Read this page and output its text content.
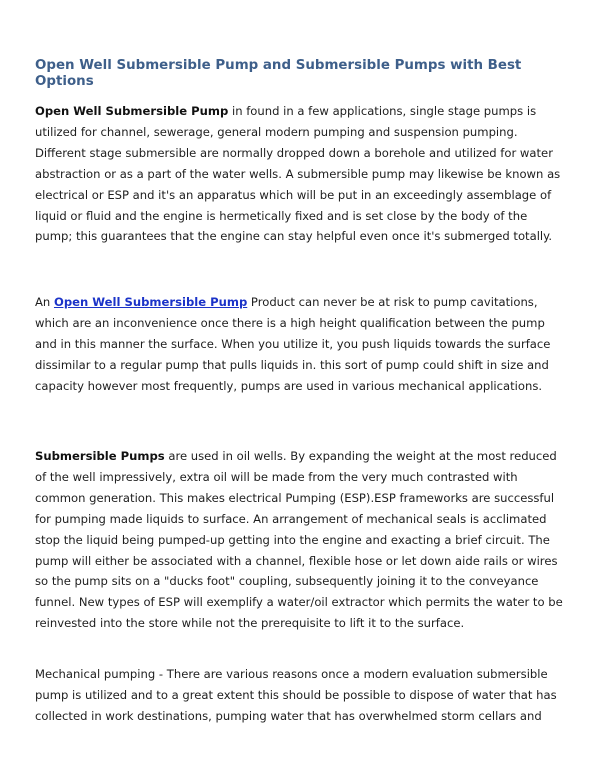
Open Well Submersible Pump and Submersible Pumps with Best Options

Open Well Submersible Pump in found in a few applications, single stage pumps is utilized for channel, sewerage, general modern pumping and suspension pumping. Different stage submersible are normally dropped down a borehole and utilized for water abstraction or as a part of the water wells. A submersible pump may likewise be known as electrical or ESP and it's an apparatus which will be put in an exceedingly assemblage of liquid or fluid and the engine is hermetically fixed and is set close by the body of the pump; this guarantees that the engine can stay helpful even once it's submerged totally.

An Open Well Submersible Pump Product can never be at risk to pump cavitations, which are an inconvenience once there is a high height qualification between the pump and in this manner the surface. When you utilize it, you push liquids towards the surface dissimilar to a regular pump that pulls liquids in. this sort of pump could shift in size and capacity however most frequently, pumps are used in various mechanical applications.

Submersible Pumps are used in oil wells. By expanding the weight at the most reduced of the well impressively, extra oil will be made from the very much contrasted with common generation. This makes electrical Pumping (ESP).ESP frameworks are successful for pumping made liquids to surface. An arrangement of mechanical seals is acclimated stop the liquid being pumped-up getting into the engine and exacting a brief circuit. The pump will either be associated with a channel, flexible hose or let down aide rails or wires so the pump sits on a "ducks foot" coupling, subsequently joining it to the conveyance funnel. New types of ESP will exemplify a water/oil extractor which permits the water to be reinvested into the store while not the prerequisite to lift it to the surface.

Mechanical pumping - There are various reasons once a modern evaluation submersible pump is utilized and to a great extent this should be possible to dispose of water that has collected in work destinations, pumping water that has overwhelmed storm cellars and
